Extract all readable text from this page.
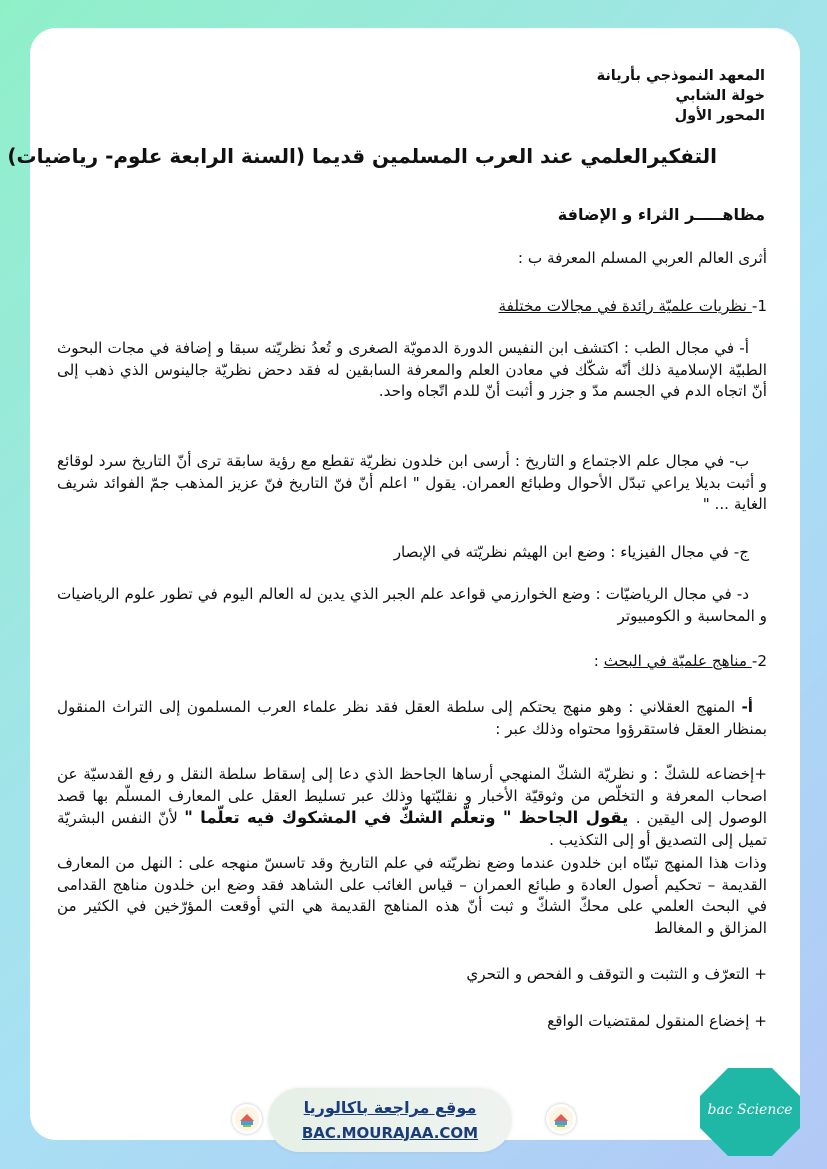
المعهد النموذجي بأريانة
خولة الشابي
المحور الأول
التفكيرالعلمي عند العرب المسلمين قديما (السنة الرابعة علوم- رياضيات)
مظاهـــــر الثراء و الإضافة
أثرى العالم العربي المسلم المعرفة ب :
1- نظريات علميّة رائدة في مجالات مختلفة
أ- في مجال الطب : اكتشف ابن النفيس الدورة الدمويّة الصغرى و تُعدُ نظريّته سبقا و إضافة في مجات البحوث الطبيّة الإسلامية ذلك أنّه شكّك في معادن العلم والمعرفة السابقين له فقد دحض نظريّة جالينوس الذي ذهب إلى أنّ اتجاه الدم في الجسم مدّ و جزر و أثبت أنّ للدم اتّجاه واحد.
ب- في مجال علم الاجتماع و التاريخ : أرسى ابن خلدون نظريّة تقطع مع رؤية سابقة ترى أنّ التاريخ سرد لوقائع و أثبت بديلا يراعي تبدّل الأحوال وطبائع العمران. يقول " اعلم أنّ فنّ التاريخ فنّ عزيز المذهب جمّ الفوائد شريف الغاية ... "
ج- في مجال الفيزياء : وضع ابن الهيثم نظريّته في الإبصار
د- في مجال الرياضيّات : وضع الخوارزمي قواعد علم الجبر الذي يدين له العالم اليوم في تطور علوم الرياضيات و المحاسبة و الكومبيوتر
2- مناهج علميّة في البحث :
أ- المنهج العقلاني : وهو منهج يحتكم إلى سلطة العقل فقد نظر علماء العرب المسلمون إلى التراث المنقول بمنظار العقل فاستقرؤوا محتواه وذلك عبر :
+إخضاعه للشكّ : و نظريّة الشكّ المنهجي أرساها الجاحظ الذي دعا إلى إسقاط سلطة النقل و رفع القدسيّة عن اصحاب المعرفة و التخلّص من وثوقيّة الأخبار و نقليّتها وذلك عبر تسليط العقل على المعارف المسلّم بها قصد الوصول إلى اليقين . يقول الجاحظ " وتعلّم الشكّ في المشكوك فيه تعلّما " لأنّ النفس البشريّة تميل إلى التصديق أو إلى التكذيب .
وذات هذا المنهج تبنّاه ابن خلدون عندما وضع نظريّته في علم التاريخ وقد تاسسّ منهجه على : النهل من المعارف القديمة – تحكيم أصول العادة و طبائع العمران – قياس الغائب على الشاهد فقد وضع ابن خلدون مناهج القدامى في البحث العلمي على محكّ الشكّ و ثبت أنّ هذه المناهج القديمة هي التي أوقعت المؤرّخين في الكثير من المزالق و المغالط
+ التعرّف و التثبت و التوقف و الفحص و التحري
+ إخضاع المنقول لمقتضيات الواقع
موقع مراجعة باكالوريا
BAC.MOURAJAA.COM
bac Science
